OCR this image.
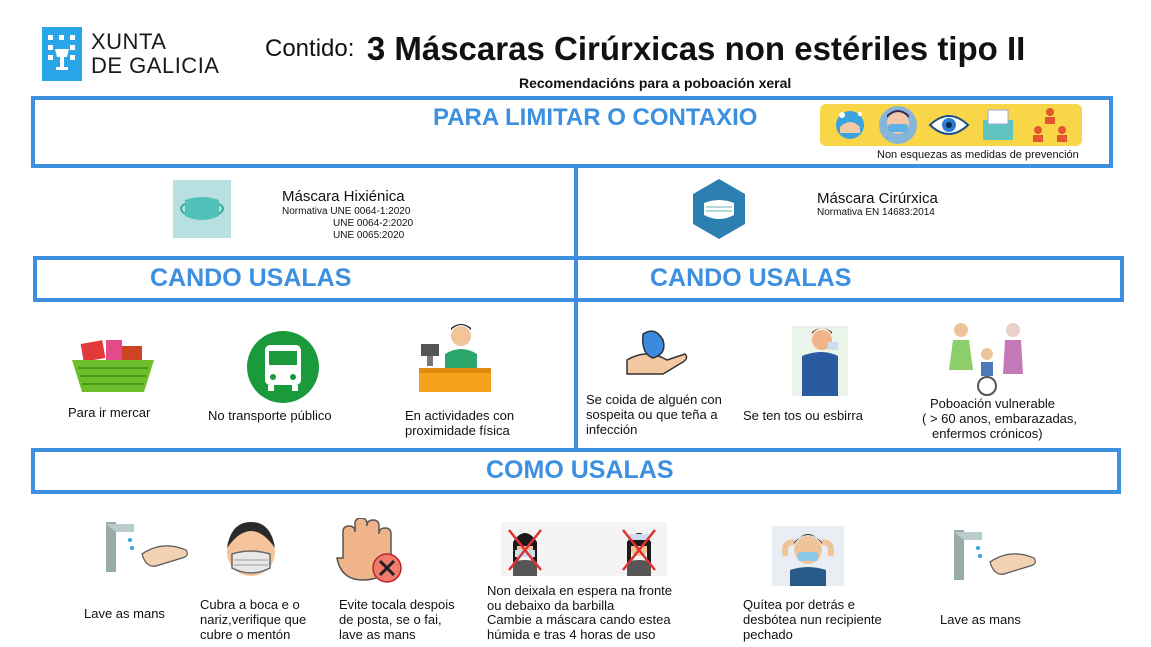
XUNTA
DE GALICIA
Contido: 3 Máscaras Cirúrxicas non estériles tipo II
Recomendacións para a poboación xeral
PARA LIMITAR O CONTAXIO
Non esquezas as medidas de prevención
Máscara Hixiénica
Normativa UNE 0064-1:2020
UNE 0064-2:2020
UNE 0065:2020
Máscara Cirúrxica
Normativa EN 14683:2014
CANDO USALAS	CANDO USALAS
Para ir mercar	No transporte público	En actividades con proximidade física
Se coida de alguén con sospeita ou que teña a infección
Se ten tos ou esbirra
Poboación vulnerable
( > 60 anos, embarazadas,
enfermos crónicos)
COMO USALAS
Lave as mans
Cubra a boca e o nariz,verifique que cubre o mentón
Evite tocala despois de posta, se o fai, lave as mans
Non deixala en espera na fronte ou debaixo da barbilla
Cambie a máscara cando estea húmida e tras 4 horas de uso
Quítea por detrás e desbótea nun recipiente pechado
Lave as mans
